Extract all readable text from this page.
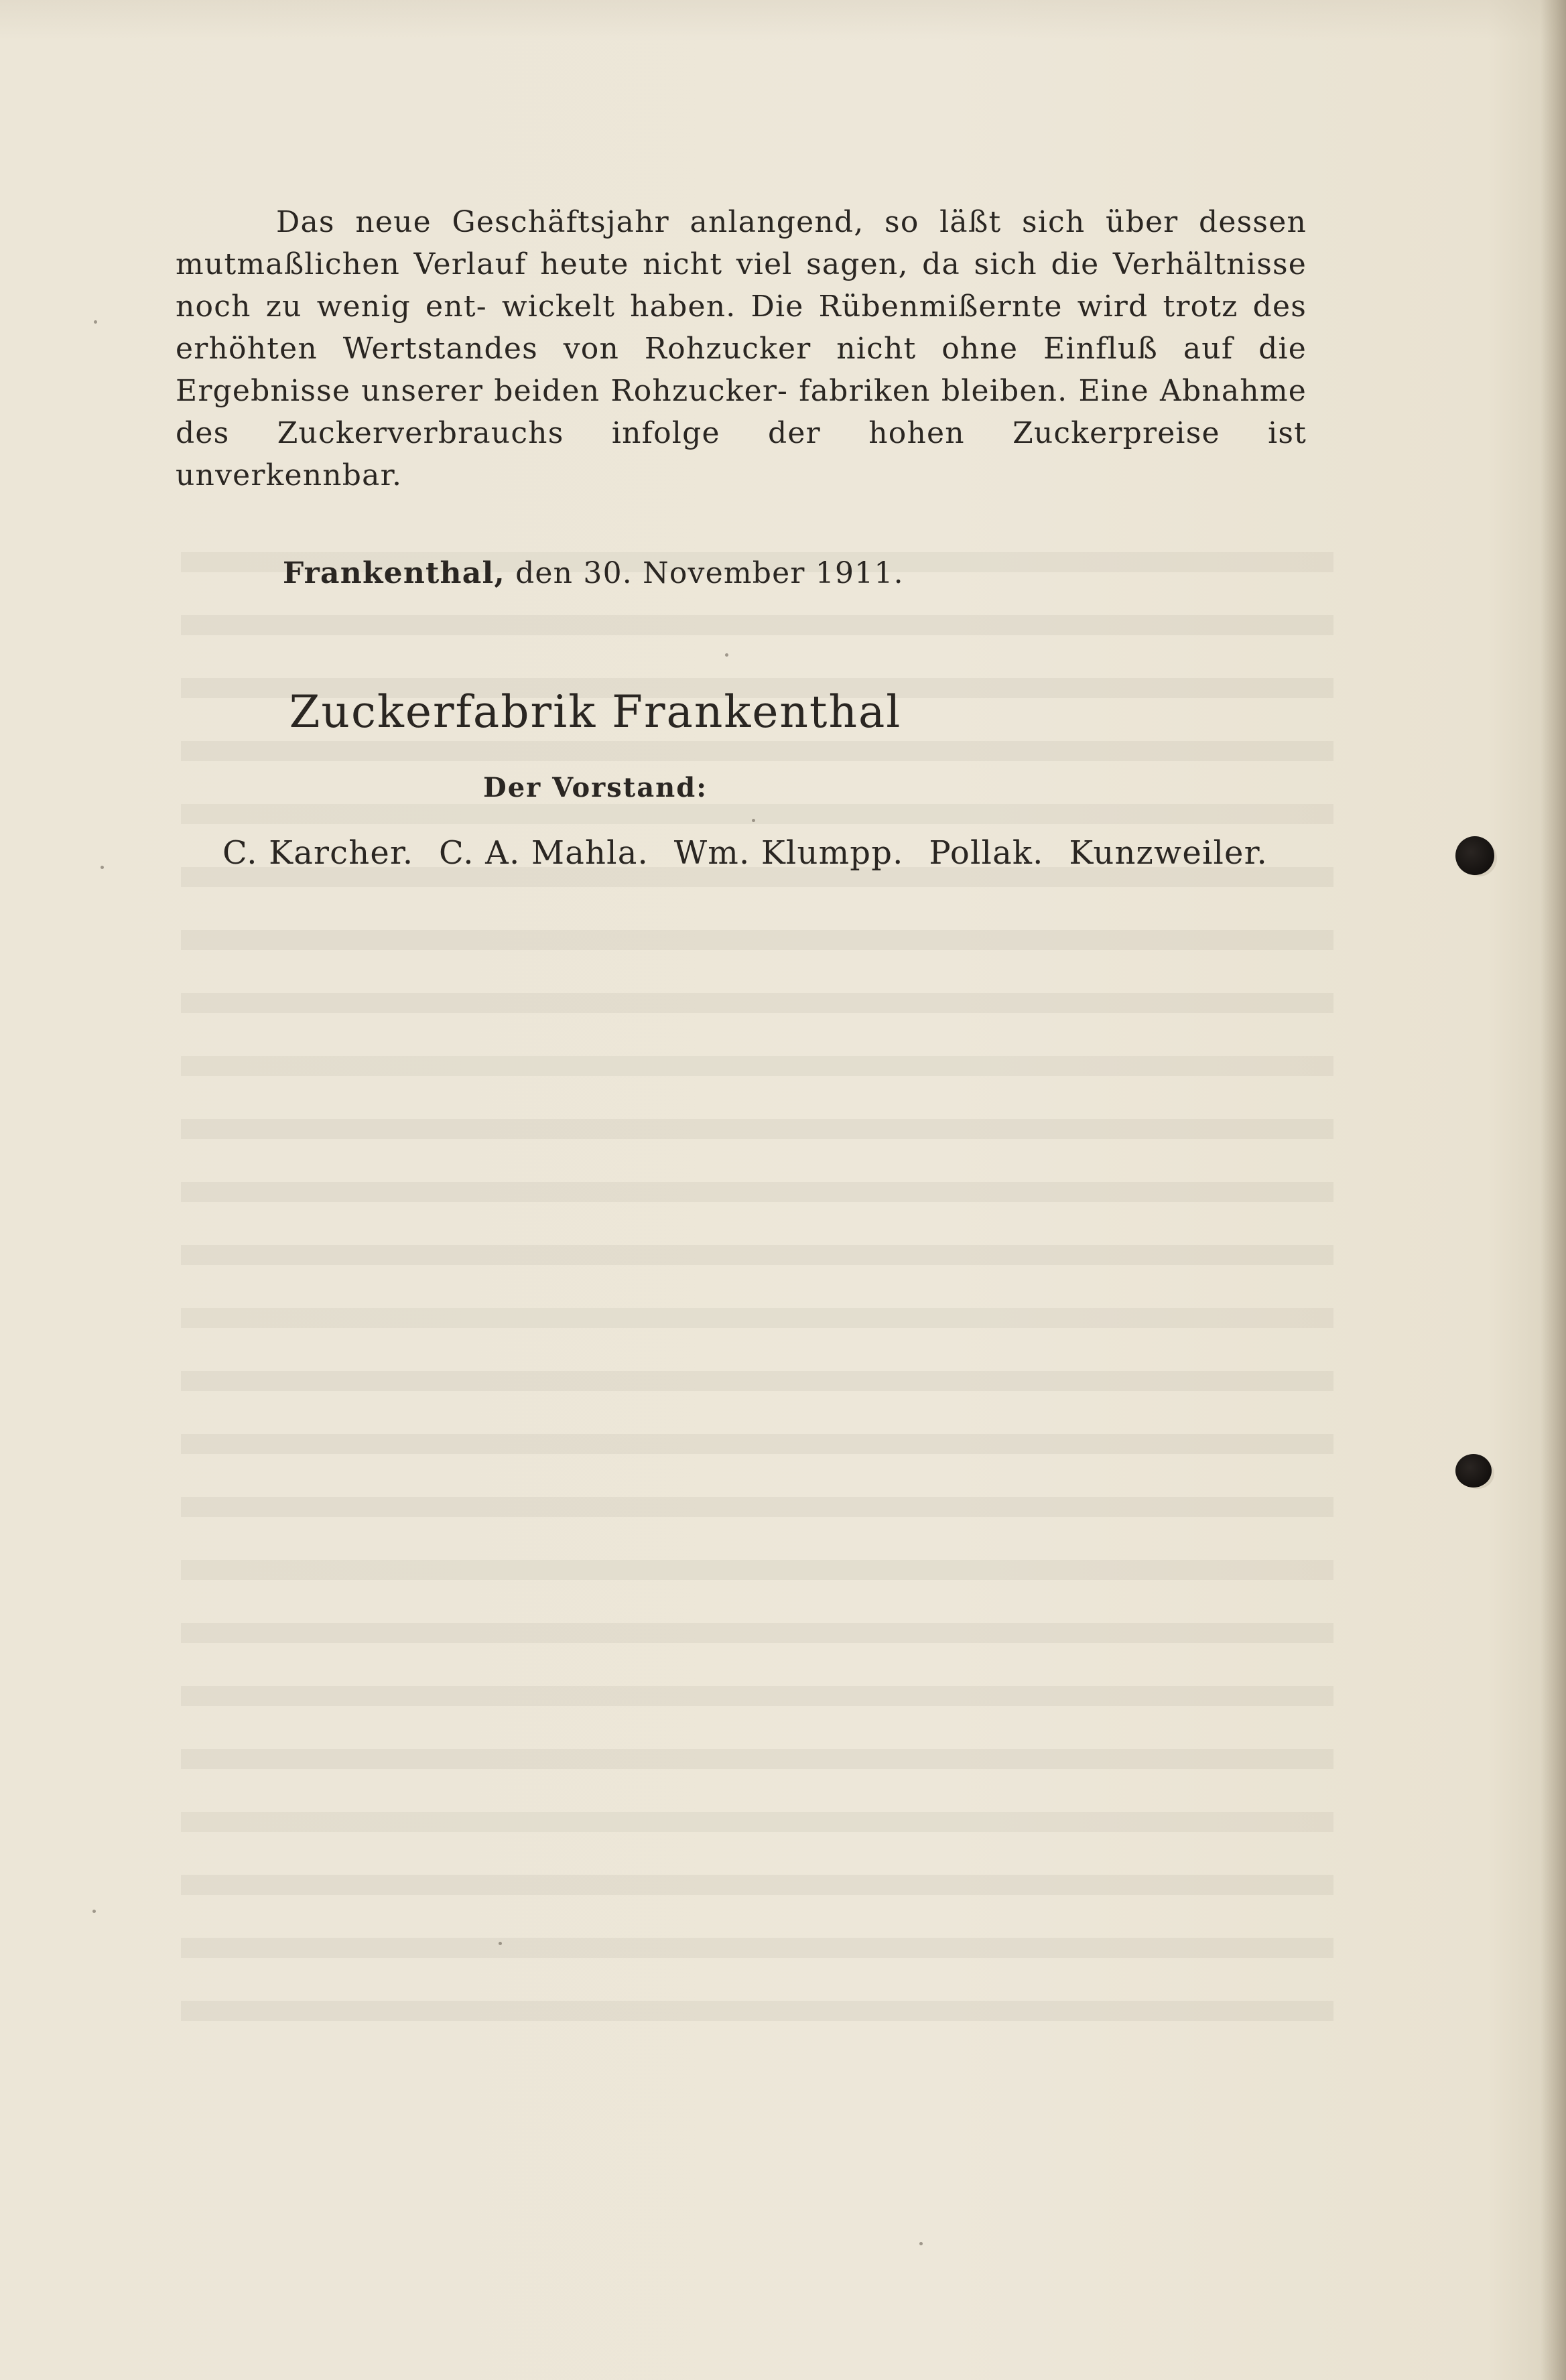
Das neue Geschäftsjahr anlangend, so läßt sich über dessen mutmaßlichen Verlauf heute nicht viel sagen, da sich die Verhältnisse noch zu wenig ent- wickelt haben. Die Rübenmißernte wird trotz des erhöhten Wertstandes von Rohzucker nicht ohne Einfluß auf die Ergebnisse unserer beiden Rohzucker- fabriken bleiben. Eine Abnahme des Zuckerverbrauchs infolge der hohen Zuckerpreise ist unverkennbar.

Frankenthal, den 30. November 1911.

Zuckerfabrik Frankenthal
Der Vorstand:
C. Karcher. C. A. Mahla. Wm. Klumpp. Pollak. Kunzweiler.
